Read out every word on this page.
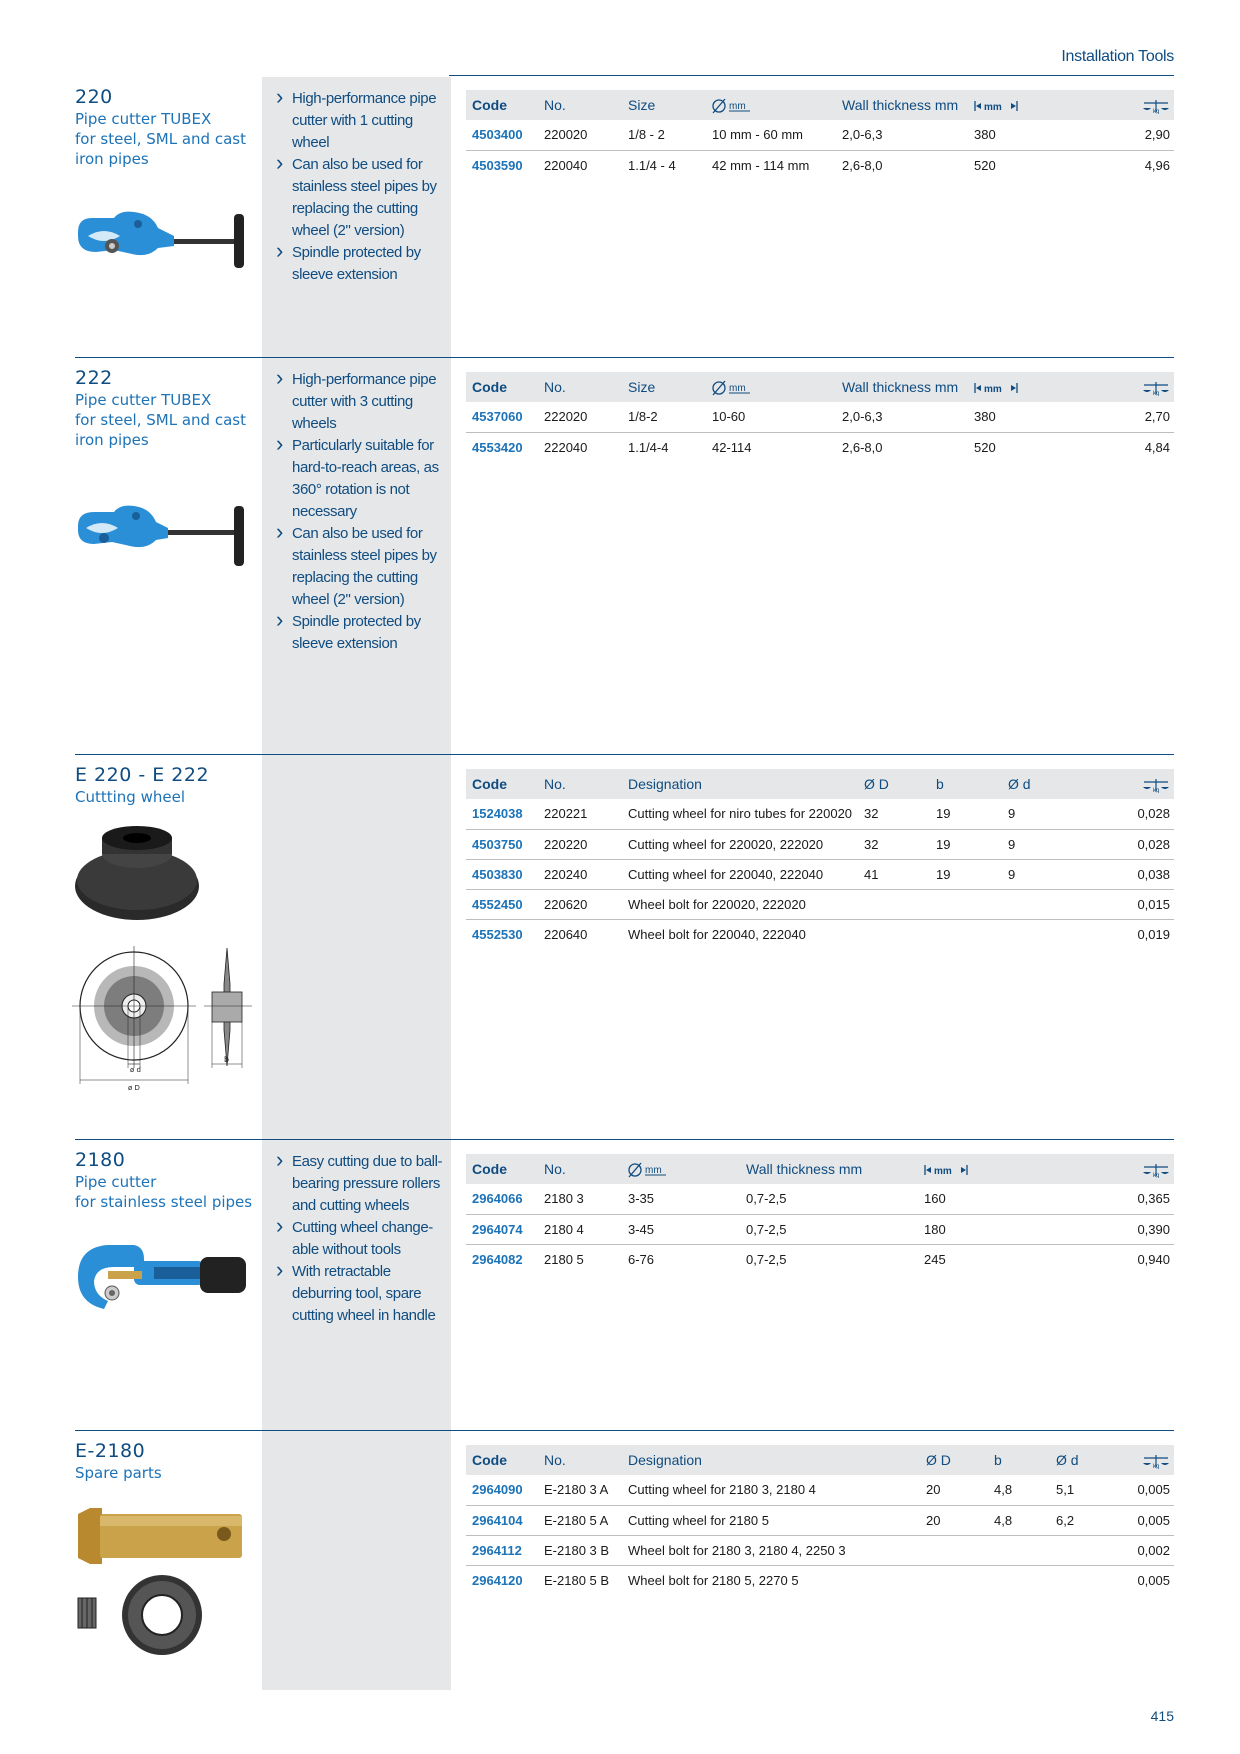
Installation Tools
220
Pipe cutter TUBEX
for steel, SML and cast
iron pipes
› High-performance pipe cutter with 1 cutting wheel
› Can also be used for stainless steel pipes by replacing the cutting wheel (2" version)
› Spindle protected by sleeve extension
Code	No.	Size	mm	Wall thickness mm	mm	kg

4503400	220020	1/8 - 2	10 mm - 60 mm	2,0-6,3	380	2,90
4503590	220040	1.1/4 - 4	42 mm - 114 mm	2,6-8,0	520	4,96
222
Pipe cutter TUBEX
for steel, SML and cast
iron pipes
› High-performance pipe cutter with 3 cutting wheels
› Particularly suitable for hard-to-reach areas, as 360° rotation is not necessary
› Can also be used for stainless steel pipes by replacing the cutting wheel (2" version)
› Spindle protected by sleeve extension
Code	No.	Size	mm	Wall thickness mm	mm	kg

4537060	222020	1/8-2	10-60	2,0-6,3	380	2,70
4553420	222040	1.1/4-4	42-114	2,6-8,0	520	4,84
E 220 - E 222
Cuttting wheel
ø d
ø D
b
Code	No.	Designation	Ø D	b	Ø d	kg

1524038	220221	Cutting wheel for niro tubes for 220020	32	19	9	0,028
4503750	220220	Cutting wheel for 220020, 222020	32	19	9	0,028
4503830	220240	Cutting wheel for 220040, 222040	41	19	9	0,038
4552450	220620	Wheel bolt for 220020, 222020				0,015
4552530	220640	Wheel bolt for 220040, 222040				0,019
2180
Pipe cutter
for stainless steel pipes
› Easy cutting due to ball-bearing pressure rollers and cutting wheels
› Cutting wheel change-able without tools
› With retractable deburring tool, spare cutting wheel in handle
Code	No.	mm	Wall thickness mm	mm	kg

2964066	2180 3	3-35	0,7-2,5	160	0,365
2964074	2180 4	3-45	0,7-2,5	180	0,390
2964082	2180 5	6-76	0,7-2,5	245	0,940
E-2180
Spare parts
Code	No.	Designation	Ø D	b	Ø d	kg

2964090	E-2180 3 A	Cutting wheel for 2180 3, 2180 4	20	4,8	5,1	0,005
2964104	E-2180 5 A	Cutting wheel for 2180 5	20	4,8	6,2	0,005
2964112	E-2180 3 B	Wheel bolt for 2180 3, 2180 4, 2250 3				0,002
2964120	E-2180 5 B	Wheel bolt for 2180 5, 2270 5				0,005
415
